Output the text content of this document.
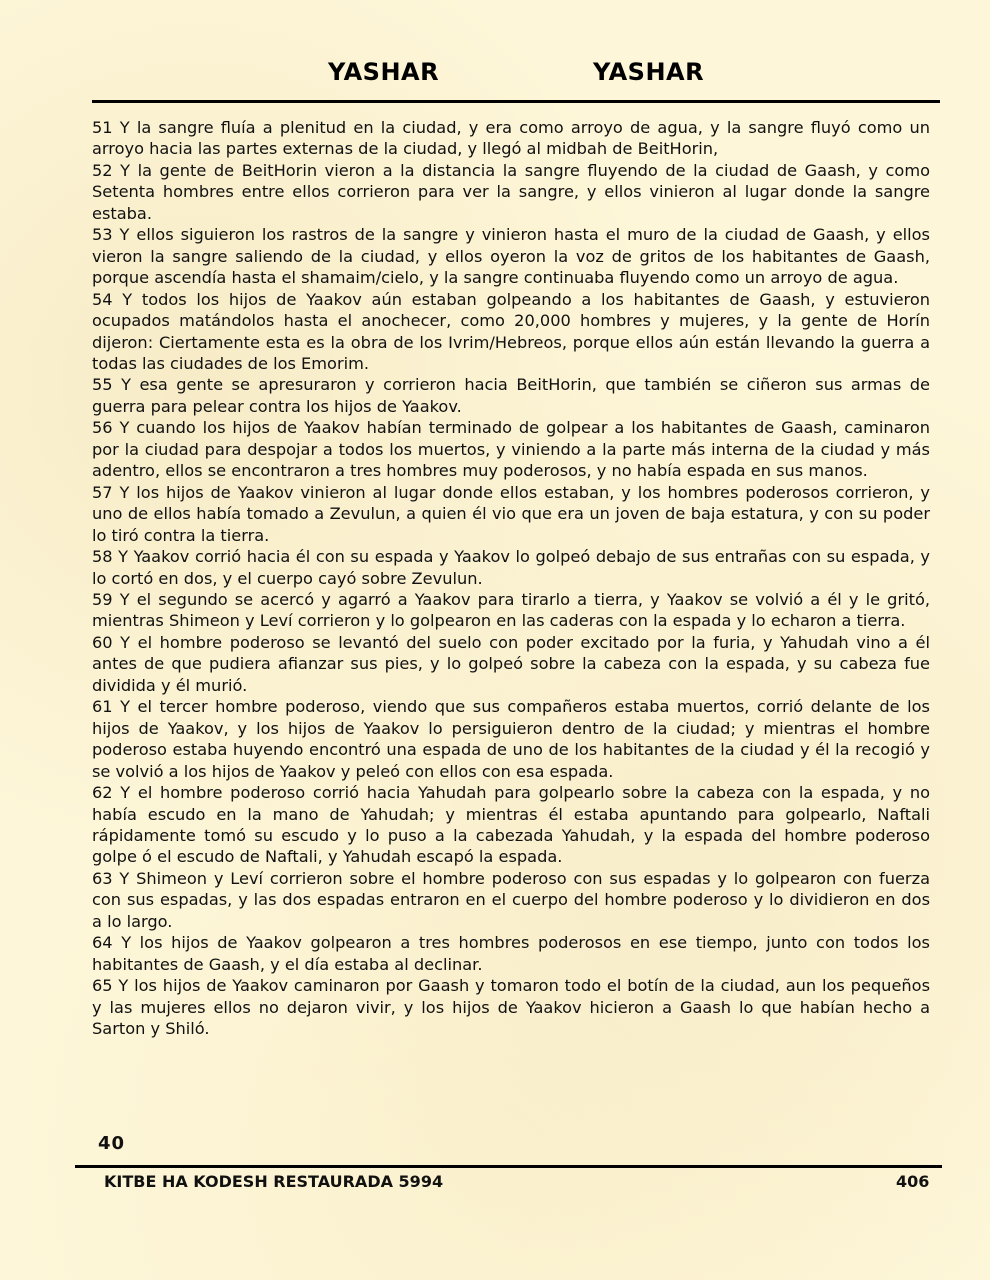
YASHAR	YASHAR

51 Y la sangre fluía a plenitud en la ciudad, y era como arroyo de agua, y la sangre fluyó como un arroyo hacia las partes externas de la ciudad, y llegó al midbah de BeitHorin,

52 Y la gente de BeitHorin vieron a la distancia la sangre fluyendo de la ciudad de Gaash, y como Setenta hombres entre ellos corrieron para ver la sangre, y ellos vinieron al lugar donde la sangre estaba.

53 Y ellos siguieron los rastros de la sangre y vinieron hasta el muro de la ciudad de Gaash, y ellos vieron la sangre saliendo de la ciudad, y ellos oyeron la voz de gritos de los habitantes de Gaash, porque ascendía hasta el shamaim/cielo, y la sangre continuaba fluyendo como un arroyo de agua.

54 Y todos los hijos de Yaakov aún estaban golpeando a los habitantes de Gaash, y estuvieron ocupados matándolos hasta el anochecer, como 20,000 hombres y mujeres, y la gente de Horín dijeron: Ciertamente esta es la obra de los Ivrim/Hebreos, porque ellos aún están llevando la guerra a todas las ciudades de los Emorim.

55 Y esa gente se apresuraron y corrieron hacia BeitHorin, que también se ciñeron sus armas de guerra para pelear contra los hijos de Yaakov.

56 Y cuando los hijos de Yaakov habían terminado de golpear a los habitantes de Gaash, caminaron por la ciudad para despojar a todos los muertos, y viniendo a la parte más interna de la ciudad y más adentro, ellos se encontraron a tres hombres muy poderosos, y no había espada en sus manos.

57 Y los hijos de Yaakov vinieron al lugar donde ellos estaban, y los hombres poderosos corrieron, y uno de ellos había tomado a Zevulun, a quien él vio que era un joven de baja estatura, y con su poder lo tiró contra la tierra.

58 Y Yaakov corrió hacia él con su espada y Yaakov lo golpeó debajo de sus entrañas con su espada, y lo cortó en dos, y el cuerpo cayó sobre Zevulun.

59 Y el segundo se acercó y agarró a Yaakov para tirarlo a tierra, y Yaakov se volvió a él y le gritó, mientras Shimeon y Leví corrieron y lo golpearon en las caderas con la espada y lo echaron a tierra.

60 Y el hombre poderoso se levantó del suelo con poder excitado por la furia, y Yahudah vino a él antes de que pudiera afianzar sus pies, y lo golpeó sobre la cabeza con la espada, y su cabeza fue dividida y él murió.

61 Y el tercer hombre poderoso, viendo que sus compañeros estaba muertos, corrió delante de los hijos de Yaakov, y los hijos de Yaakov lo persiguieron dentro de la ciudad; y mientras el hombre poderoso estaba huyendo encontró una espada de uno de los habitantes de la ciudad y él la recogió y se volvió a los hijos de Yaakov y peleó con ellos con esa espada.

62 Y el hombre poderoso corrió hacia Yahudah para golpearlo sobre la cabeza con la espada, y no había escudo en la mano de Yahudah; y mientras él estaba apuntando para golpearlo, Naftali rápidamente tomó su escudo y lo puso a la cabezada Yahudah, y la espada del hombre poderoso golpe ó el escudo de Naftali, y Yahudah escapó la espada.

63 Y Shimeon y Leví corrieron sobre el hombre poderoso con sus espadas y lo golpearon con fuerza con sus espadas, y las dos espadas entraron en el cuerpo del hombre poderoso y lo dividieron en dos a lo largo.

64 Y los hijos de Yaakov golpearon a tres hombres poderosos en ese tiempo, junto con todos los habitantes de Gaash, y el día estaba al declinar.

65 Y los hijos de Yaakov caminaron por Gaash y tomaron todo el botín de la ciudad, aun los pequeños y las mujeres ellos no dejaron vivir, y los hijos de Yaakov hicieron a Gaash lo que habían hecho a Sarton y Shiló.

40
KITBE HA KODESH RESTAURADA 5994	406
